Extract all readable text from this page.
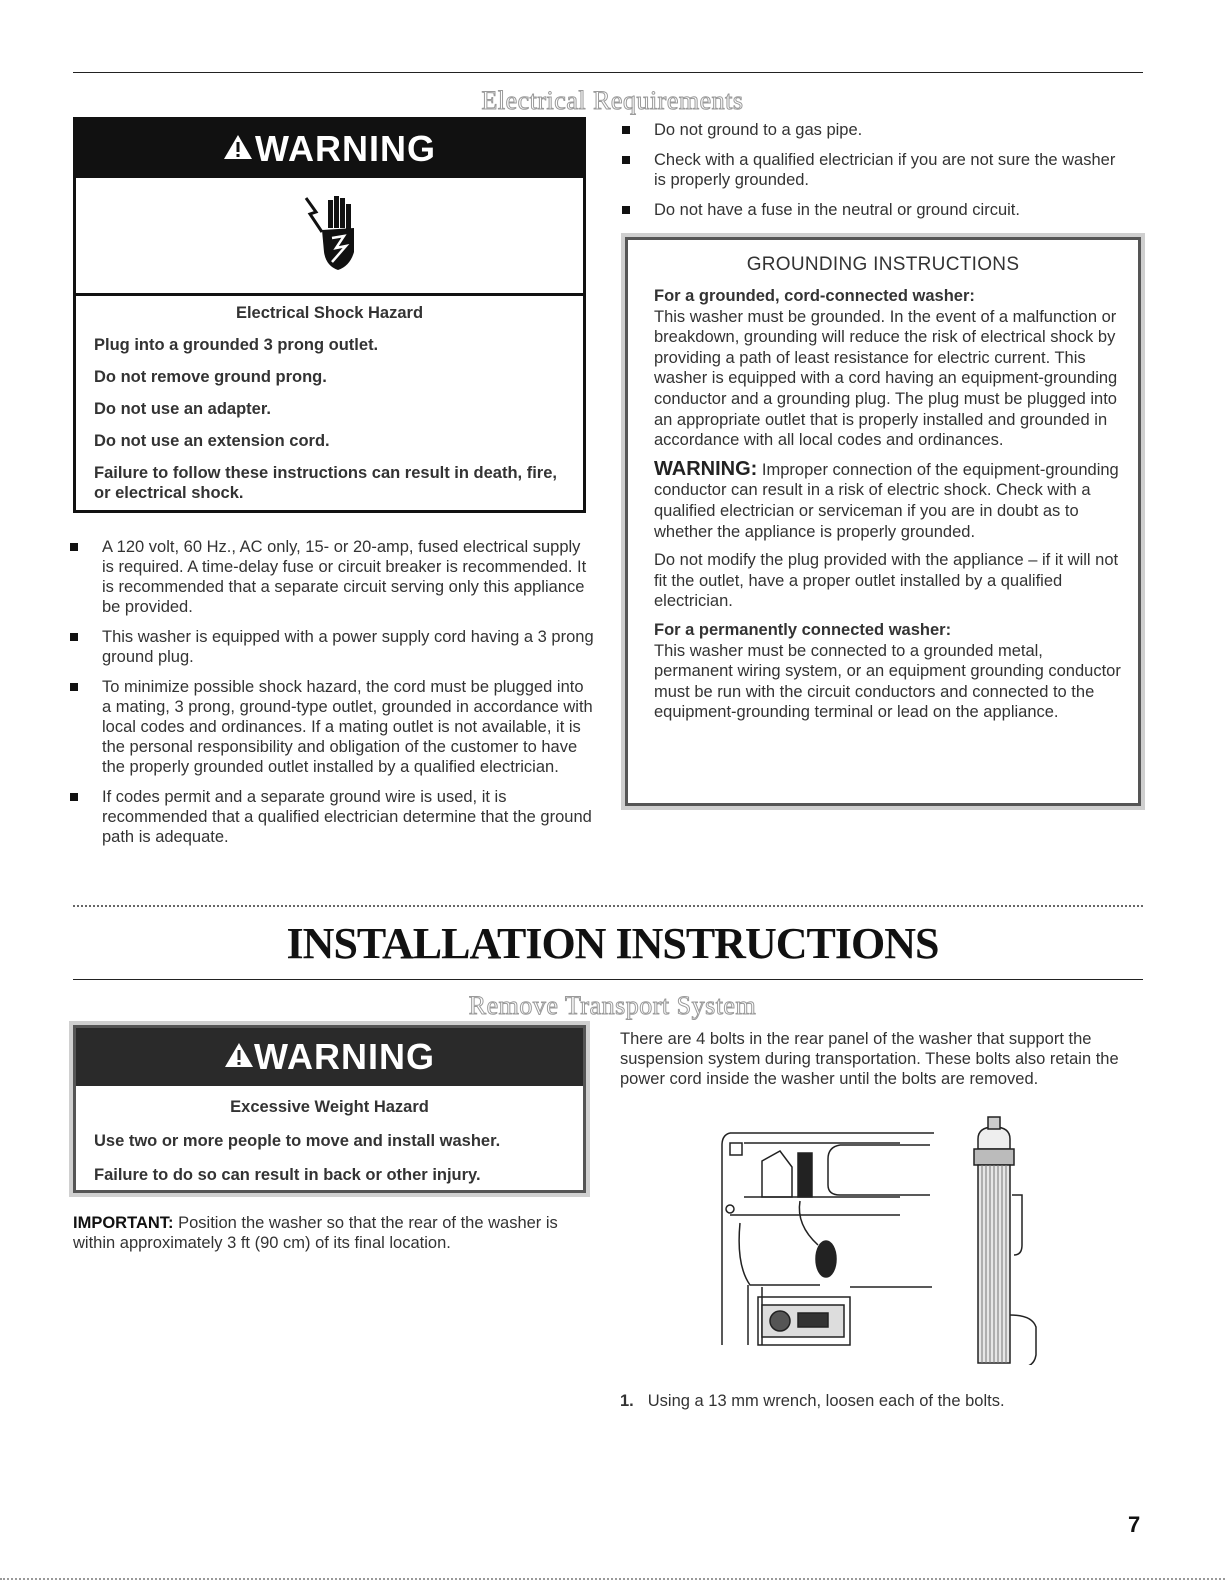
Electrical Requirements
WARNING
Electrical Shock Hazard

Plug into a grounded 3 prong outlet.

Do not remove ground prong.

Do not use an adapter.

Do not use an extension cord.

Failure to follow these instructions can result in death, fire, or electrical shock.

A 120 volt, 60 Hz., AC only, 15- or 20-amp, fused electrical supply is required. A time-delay fuse or circuit breaker is recommended. It is recommended that a separate circuit serving only this appliance be provided.
This washer is equipped with a power supply cord having a 3 prong ground plug.
To minimize possible shock hazard, the cord must be plugged into a mating, 3 prong, ground-type outlet, grounded in accordance with local codes and ordinances. If a mating outlet is not available, it is the personal responsibility and obligation of the customer to have the properly grounded outlet installed by a qualified electrician.
If codes permit and a separate ground wire is used, it is recommended that a qualified electrician determine that the ground path is adequate.
Do not ground to a gas pipe.
Check with a qualified electrician if you are not sure the washer is properly grounded.
Do not have a fuse in the neutral or ground circuit.
GROUNDING INSTRUCTIONS

For a grounded, cord-connected washer:
This washer must be grounded. In the event of a malfunction or breakdown, grounding will reduce the risk of electrical shock by providing a path of least resistance for electric current. This washer is equipped with a cord having an equipment-grounding conductor and a grounding plug. The plug must be plugged into an appropriate outlet that is properly installed and grounded in accordance with all local codes and ordinances.

WARNING: Improper connection of the equipment-grounding conductor can result in a risk of electric shock. Check with a qualified electrician or serviceman if you are in doubt as to whether the appliance is properly grounded.

Do not modify the plug provided with the appliance – if it will not fit the outlet, have a proper outlet installed by a qualified electrician.

For a permanently connected washer:
This washer must be connected to a grounded metal, permanent wiring system, or an equipment grounding conductor must be run with the circuit conductors and connected to the equipment-grounding terminal or lead on the appliance.

INSTALLATION INSTRUCTIONS
Remove Transport System
WARNING
Excessive Weight Hazard

Use two or more people to move and install washer.

Failure to do so can result in back or other injury.

IMPORTANT: Position the washer so that the rear of the washer is within approximately 3 ft (90 cm) of its final location.
There are 4 bolts in the rear panel of the washer that support the suspension system during transportation. These bolts also retain the power cord inside the washer until the bolts are removed.
1. Using a 13 mm wrench, loosen each of the bolts.
7
